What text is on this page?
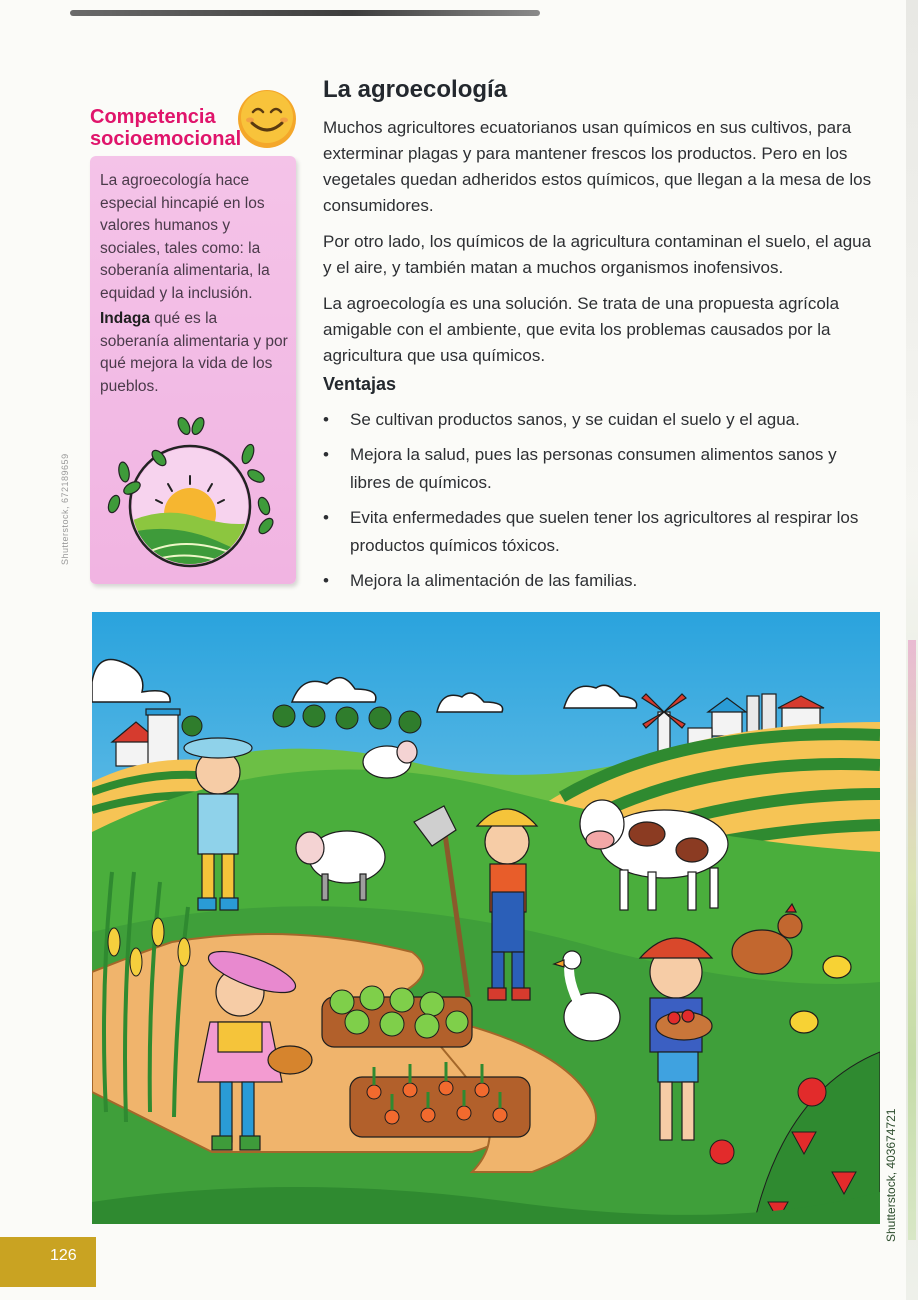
Competencia
socioemocional

La agroecología hace especial hincapié en los valores humanos y sociales, tales como: la soberanía alimentaria, la equidad y la inclusión.

Indaga qué es la soberanía alimentaria y por qué mejora la vida de los pueblos.

Shutterstock, 672189659
La agroecología

Muchos agricultores ecuatorianos usan químicos en sus cultivos, para exterminar plagas y para mantener frescos los productos. Pero en los vegetales quedan adheridos estos químicos, que llegan a la mesa de los consumidores.

Por otro lado, los químicos de la agricultura contaminan el suelo, el agua y el aire, y también matan a muchos organismos inofensivos.

La agroecología es una solución. Se trata de una propuesta agrícola amigable con el ambiente, que evita los problemas causados por la agricultura que usa químicos.

Ventajas
• Se cultivan productos sanos, y se cuidan el suelo y el agua.
• Mejora la salud, pues las personas consumen alimentos sanos y libres de químicos.
• Evita enfermedades que suelen tener los agricultores al respirar los productos químicos tóxicos.
• Mejora la alimentación de las familias.
Shutterstock, 403674721
126
